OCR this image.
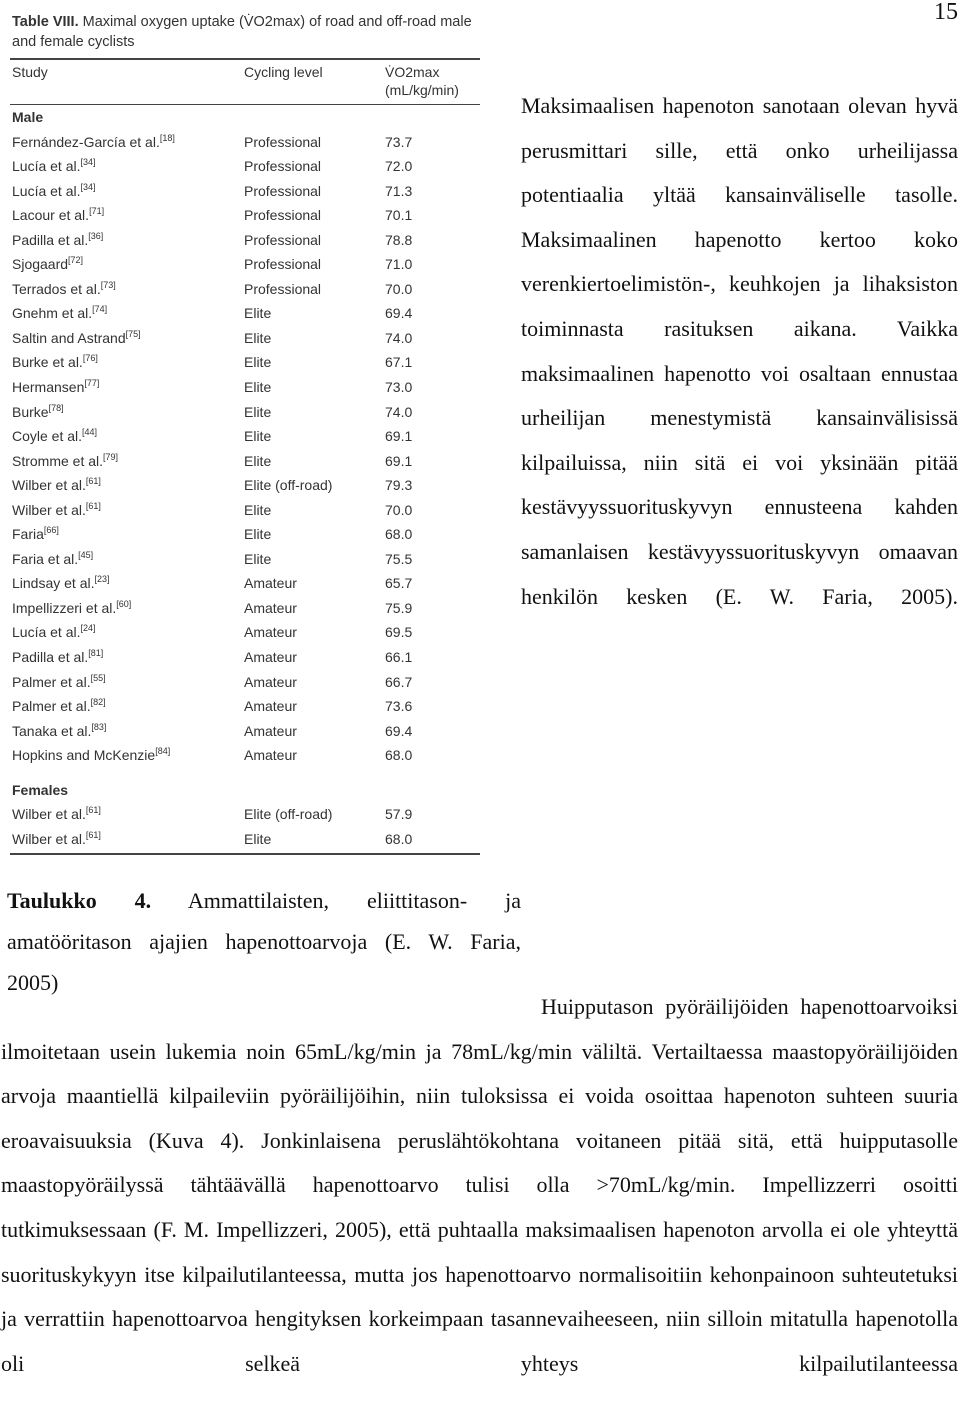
15
Table VIII. Maximal oxygen uptake (V̇O2max) of road and off-road male and female cyclists
Study	Cycling level	V̇O2max
(mL/kg/min)
Male
Fernández-García et al.[18]	Professional	73.7
Lucía et al.[34]	Professional	72.0
Lucía et al.[34]	Professional	71.3
Lacour et al.[71]	Professional	70.1
Padilla et al.[36]	Professional	78.8
Sjogaard[72]	Professional	71.0
Terrados et al.[73]	Professional	70.0
Gnehm et al.[74]	Elite	69.4
Saltin and Astrand[75]	Elite	74.0
Burke et al.[76]	Elite	67.1
Hermansen[77]	Elite	73.0
Burke[78]	Elite	74.0
Coyle et al.[44]	Elite	69.1
Stromme et al.[79]	Elite	69.1
Wilber et al.[61]	Elite (off-road)	79.3
Wilber et al.[61]	Elite	70.0
Faria[66]	Elite	68.0
Faria et al.[45]	Elite	75.5
Lindsay et al.[23]	Amateur	65.7
Impellizzeri et al.[60]	Amateur	75.9
Lucía et al.[24]	Amateur	69.5
Padilla et al.[81]	Amateur	66.1
Palmer et al.[55]	Amateur	66.7
Palmer et al.[82]	Amateur	73.6
Tanaka et al.[83]	Amateur	69.4
Hopkins and McKenzie[84]	Amateur	68.0
Females
Wilber et al.[61]	Elite (off-road)	57.9
Wilber et al.[61]	Elite	68.0
Taulukko 4. Ammattilaisten, eliittitason- ja amatööritason ajajien hapenottoarvoja (E. W. Faria,
2005)
Maksimaalisen hapenoton sanotaan olevan hyvä perusmittari sille, että onko urheilijassa potentiaalia yltää kansainväliselle tasolle. Maksimaalinen hapenotto kertoo koko verenkiertoelimistön-, keuhkojen ja lihaksiston toiminnasta rasituksen aikana. Vaikka maksimaalinen hapenotto voi osaltaan ennustaa urheilijan menestymistä kansainvälisissä kilpailuissa, niin sitä ei voi yksinään pitää kestävyyssuorituskyvyn ennusteena kahden samanlaisen kestävyyssuorituskyvyn omaavan henkilön kesken (E. W. Faria, 2005).
Huipputason pyöräilijöiden hapenottoarvoiksi ilmoitetaan usein lukemia noin 65mL/kg/min ja 78mL/kg/min väliltä. Vertailtaessa maastopyöräilijöiden arvoja maantiellä kilpaileviin pyöräilijöihin, niin tuloksissa ei voida osoittaa hapenoton suhteen suuria eroavaisuuksia (Kuva 4). Jonkinlaisena peruslähtökohtana voitaneen pitää sitä, että huipputasolle maastopyöräilyssä tähtäävällä hapenottoarvo tulisi olla >70mL/kg/min. Impellizzerri osoitti tutkimuksessaan (F. M. Impellizzeri, 2005), että puhtaalla maksimaalisen hapenoton arvolla ei ole yhteyttä suorituskykyyn itse kilpailutilanteessa, mutta jos hapenottoarvo normalisoitiin kehonpainoon suhteutetuksi ja verrattiin hapenottoarvoa hengityksen korkeimpaan tasannevaiheeseen, niin silloin mitatulla hapenotolla oli selkeä yhteys kilpailutilanteessa
